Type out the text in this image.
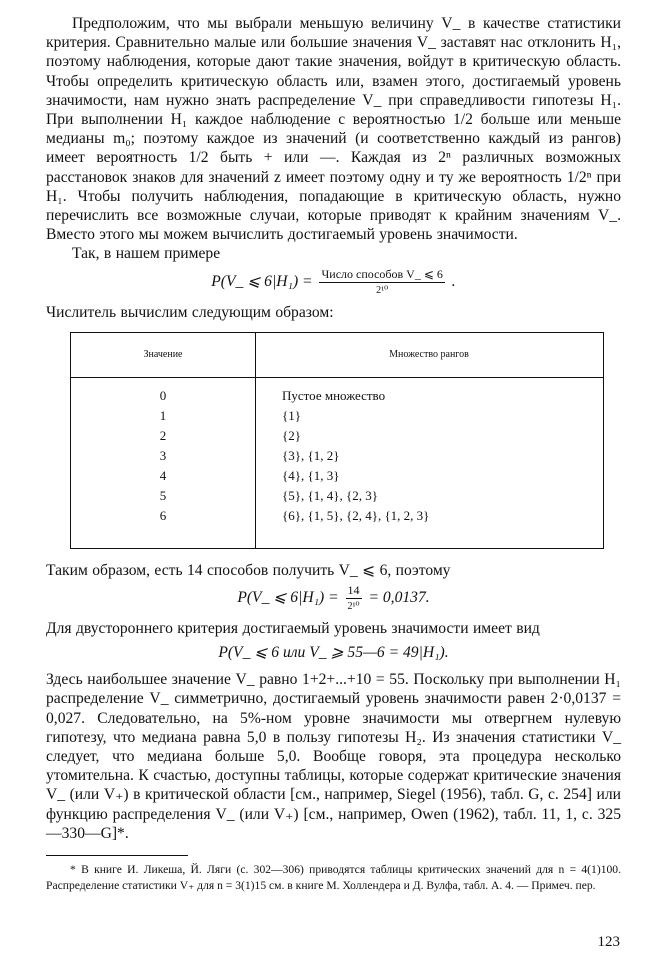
Предположим, что мы выбрали меньшую величину V_ в качестве статистики критерия. Сравнительно малые или большие значения V_ заставят нас отклонить H₁, поэтому наблюдения, которые дают такие значения, войдут в критическую область. Чтобы определить критическую область или, взамен этого, достигаемый уровень значимости, нам нужно знать распределение V_ при справедливости гипотезы H₁. При выполнении H₁ каждое наблюдение с вероятностью 1/2 больше или меньше медианы m₀; поэтому каждое из значений (и соответственно каждый из рангов) имеет вероятность 1/2 быть + или —. Каждая из 2ⁿ различных возможных расстановок знаков для значений z имеет поэтому одну и ту же вероятность 1/2ⁿ при H₁. Чтобы получить наблюдения, попадающие в критическую область, нужно перечислить все возможные случаи, которые приводят к крайним значениям V_. Вместо этого мы можем вычислить достигаемый уровень значимости.

Так, в нашем примере

P(V_ ⩽ $6|H_1) = \frac{\text{Число способов V\_ ⩽ 6}}{\text{2¹⁰}}$ .

Числитель вычислим следующим образом:

Значение	Множество рангов

0	Пустое множество
1	{1}
2	{2}
3	{3}, {1, 2}
4	{4}, {1, 3}
5	{5}, {1, 4}, {2, 3}
6	{6}, {1, 5}, {2, 4}, {1, 2, 3}

Таким образом, есть 14 способов получить V_ ⩽ 6, поэтому

P(V_ ⩽ $6|H_1) = \frac{14}{\text{2¹⁰}} = 0,0137$.

Для двустороннего критерия достигаемый уровень значимости имеет вид

P(V_ ⩽ 6 или V_ ⩾ 55—6 = 49|H₁).

Здесь наибольшее значение V_ равно 1+2+...+10 = 55. Поскольку при выполнении H₁ распределение V_ симметрично, достигаемый уровень значимости равен 2·0,0137 = 0,027. Следовательно, на 5%-ном уровне значимости мы отвергнем нулевую гипотезу, что медиана равна 5,0 в пользу гипотезы H₂. Из значения статистики V_ следует, что медиана больше 5,0. Вообще говоря, эта процедура несколько утомительна. К счастью, доступны таблицы, которые содержат критические значения V_ (или V₊) в критической области [см., например, Siegel (1956), табл. G, с. 254] или функцию распределения V_ (или V₊) [см., например, Owen (1962), табл. 11, 1, с. 325—330—G]*.

* В книге И. Ликеша, Й. Ляги (с. 302—306) приводятся таблицы критических значений для n = 4(1)100. Распределение статистики V₊ для n = 3(1)15 см. в книге М. Холлендера и Д. Вулфа, табл. А. 4. — Примеч. пер.

123
